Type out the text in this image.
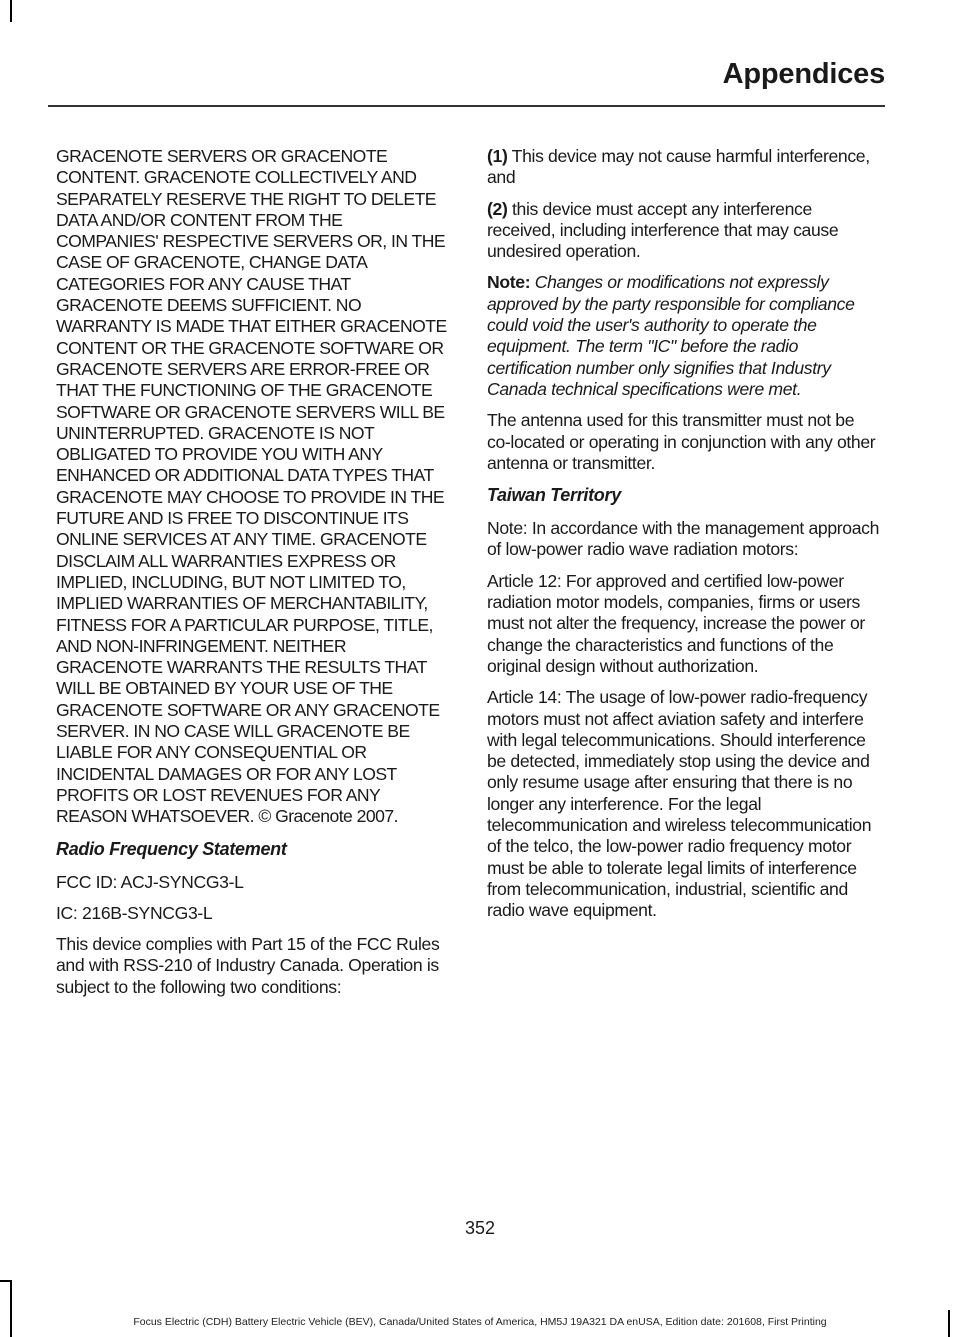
Appendices

GRACENOTE SERVERS OR GRACENOTE CONTENT. GRACENOTE COLLECTIVELY AND SEPARATELY RESERVE THE RIGHT TO DELETE DATA AND/OR CONTENT FROM THE COMPANIES' RESPECTIVE SERVERS OR, IN THE CASE OF GRACENOTE, CHANGE DATA CATEGORIES FOR ANY CAUSE THAT GRACENOTE DEEMS SUFFICIENT. NO WARRANTY IS MADE THAT EITHER GRACENOTE CONTENT OR THE GRACENOTE SOFTWARE OR GRACENOTE SERVERS ARE ERROR-FREE OR THAT THE FUNCTIONING OF THE GRACENOTE SOFTWARE OR GRACENOTE SERVERS WILL BE UNINTERRUPTED. GRACENOTE IS NOT OBLIGATED TO PROVIDE YOU WITH ANY ENHANCED OR ADDITIONAL DATA TYPES THAT GRACENOTE MAY CHOOSE TO PROVIDE IN THE FUTURE AND IS FREE TO DISCONTINUE ITS ONLINE SERVICES AT ANY TIME. GRACENOTE DISCLAIM ALL WARRANTIES EXPRESS OR IMPLIED, INCLUDING, BUT NOT LIMITED TO, IMPLIED WARRANTIES OF MERCHANTABILITY, FITNESS FOR A PARTICULAR PURPOSE, TITLE, AND NON-INFRINGEMENT. NEITHER GRACENOTE WARRANTS THE RESULTS THAT WILL BE OBTAINED BY YOUR USE OF THE GRACENOTE SOFTWARE OR ANY GRACENOTE SERVER. IN NO CASE WILL GRACENOTE BE LIABLE FOR ANY CONSEQUENTIAL OR INCIDENTAL DAMAGES OR FOR ANY LOST PROFITS OR LOST REVENUES FOR ANY REASON WHATSOEVER. © Gracenote 2007.

Radio Frequency Statement

FCC ID: ACJ-SYNCG3-L

IC: 216B-SYNCG3-L

This device complies with Part 15 of the FCC Rules and with RSS-210 of Industry Canada. Operation is subject to the following two conditions:

(1) This device may not cause harmful interference, and

(2) this device must accept any interference received, including interference that may cause undesired operation.

Note: Changes or modifications not expressly approved by the party responsible for compliance could void the user's authority to operate the equipment. The term "IC" before the radio certification number only signifies that Industry Canada technical specifications were met.

The antenna used for this transmitter must not be co-located or operating in conjunction with any other antenna or transmitter.

Taiwan Territory

Note: In accordance with the management approach of low-power radio wave radiation motors:

Article 12: For approved and certified low-power radiation motor models, companies, firms or users must not alter the frequency, increase the power or change the characteristics and functions of the original design without authorization.

Article 14: The usage of low-power radio-frequency motors must not affect aviation safety and interfere with legal telecommunications. Should interference be detected, immediately stop using the device and only resume usage after ensuring that there is no longer any interference. For the legal telecommunication and wireless telecommunication of the telco, the low-power radio frequency motor must be able to tolerate legal limits of interference from telecommunication, industrial, scientific and radio wave equipment.

352
Focus Electric (CDH) Battery Electric Vehicle (BEV), Canada/United States of America, HM5J 19A321 DA enUSA, Edition date: 201608, First Printing
